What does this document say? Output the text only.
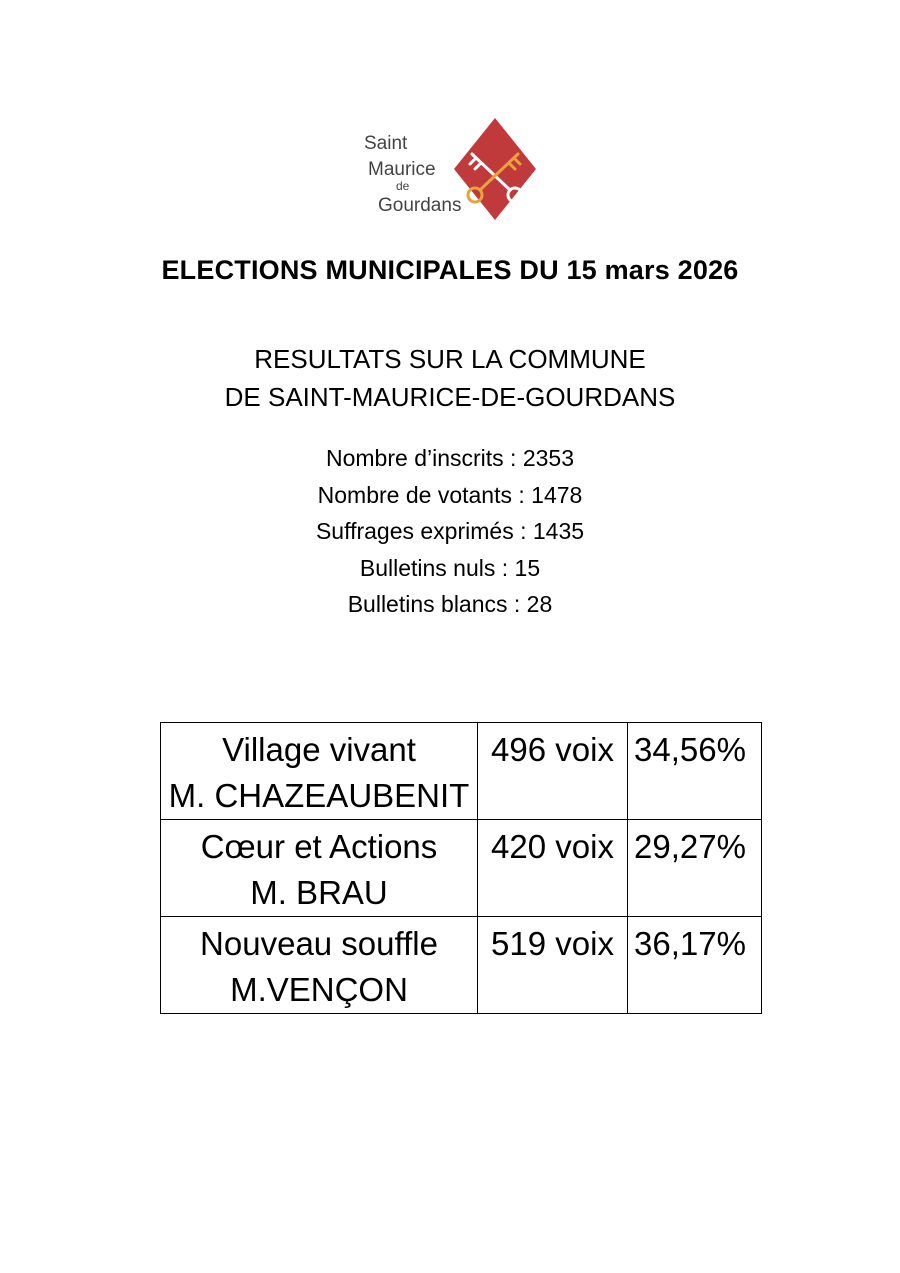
Saint
Maurice
de
Gourdans
ELECTIONS MUNICIPALES DU 15 mars 2026
RESULTATS SUR LA COMMUNE
DE SAINT-MAURICE-DE-GOURDANS
Nombre d’inscrits : 2353
Nombre de votants : 1478
Suffrages exprimés : 1435
Bulletins nuls : 15
Bulletins blancs : 28
Village vivant
M. CHAZEAUBENIT	496 voix	34,56%

Cœur et Actions
M. BRAU	420 voix	29,27%

Nouveau souffle
M.VENÇON	519 voix	36,17%
